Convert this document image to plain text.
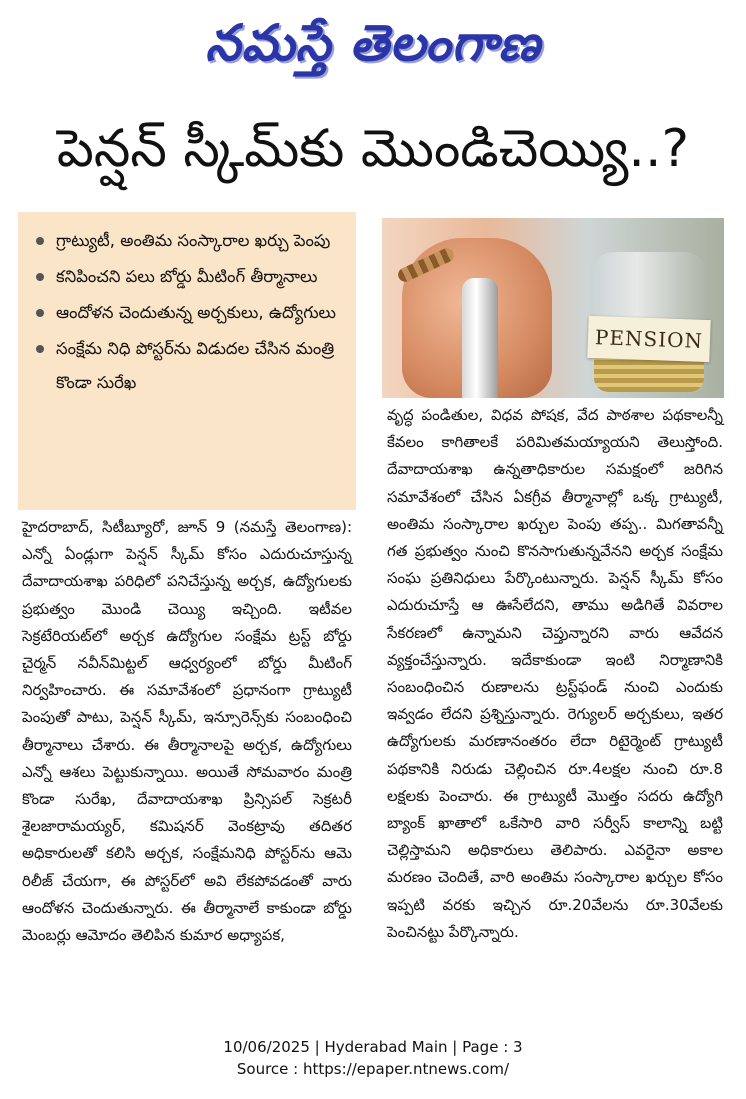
నమస్తే తెలంగాణ
పెన్షన్ స్కీమ్‌కు మొండిచెయ్యి..?
గ్రాట్యుటీ, అంతిమ సంస్కారాల ఖర్చు పెంపు
కనిపించని పలు బోర్డు మీటింగ్ తీర్మానాలు
ఆందోళన చెందుతున్న అర్చకులు, ఉద్యోగులు
సంక్షేమ నిధి పోస్టర్‌ను విడుదల చేసిన మంత్రి కొండా సురేఖ
PENSION

హైదరాబాద్, సిటీబ్యూరో, జూన్ 9 (నమస్తే తెలంగాణ): ఎన్నో ఏండ్లుగా పెన్షన్ స్కీమ్ కోసం ఎదురుచూస్తున్న దేవాదాయశాఖ పరిధిలో పనిచేస్తున్న అర్చక, ఉద్యోగులకు ప్రభుత్వం మొండి చెయ్యి ఇచ్చింది. ఇటీవల సెక్రటేరియట్‌లో అర్చక ఉద్యోగుల సంక్షేమ ట్రస్ట్ బోర్డు చైర్మన్ నవీన్‌మిట్టల్ ఆధ్వర్యంలో బోర్డు మీటింగ్ నిర్వహించారు. ఈ సమావేశంలో ప్రధానంగా గ్రాట్యుటీ పెంపుతో పాటు, పెన్షన్ స్కీమ్, ఇన్సూరెన్స్‌కు సంబంధించి తీర్మానాలు చేశారు. ఈ తీర్మానాలపై అర్చక, ఉద్యోగులు ఎన్నో ఆశలు పెట్టుకున్నాయి. అయితే సోమవారం మంత్రి కొండా సురేఖ, దేవాదాయశాఖ ప్రిన్సిపల్ సెక్రటరీ శైలజారామయ్యర్, కమిషనర్ వెంకట్రావు తదితర అధికారులతో కలిసి అర్చక, సంక్షేమనిధి పోస్టర్‌ను ఆమె రిలీజ్ చేయగా, ఈ పోస్టర్‌లో అవి లేకపోవడంతో వారు ఆందోళన చెందుతున్నారు. ఈ తీర్మానాలే కాకుండా బోర్డు మెంబర్లు ఆమోదం తెలిపిన కుమార అధ్యాపక,

వృద్ధ పండితుల, విధవ పోషక, వేద పాఠశాల పథకాలన్నీ కేవలం కాగితాలకే పరిమితమయ్యాయని తెలుస్తోంది. దేవాదాయశాఖ ఉన్నతాధికారుల సమక్షంలో జరిగిన సమావేశంలో చేసిన ఏకగ్రీవ తీర్మానాల్లో ఒక్క గ్రాట్యుటీ, అంతిమ సంస్కారాల ఖర్చుల పెంపు తప్ప.. మిగతావన్నీ గత ప్రభుత్వం నుంచి కొనసాగుతున్నవేనని అర్చక సంక్షేమ సంఘ ప్రతినిధులు పేర్కొంటున్నారు. పెన్షన్ స్కీమ్ కోసం ఎదురుచూస్తే ఆ ఊసేలేదని, తాము అడిగితే వివరాల సేకరణలో ఉన్నామని చెప్తున్నారని వారు ఆవేదన వ్యక్తంచేస్తున్నారు. ఇదేకాకుండా ఇంటి నిర్మాణానికి సంబంధించిన రుణాలను ట్రస్ట్‌ఫండ్ నుంచి ఎందుకు ఇవ్వడం లేదని ప్రశ్నిస్తున్నారు. రెగ్యులర్ అర్చకులు, ఇతర ఉద్యోగులకు మరణానంతరం లేదా రిటైర్మెంట్ గ్రాట్యుటీ పథకానికి నిరుడు చెల్లించిన రూ.4లక్షల నుంచి రూ.8 లక్షలకు పెంచారు. ఈ గ్రాట్యుటీ మొత్తం సదరు ఉద్యోగి బ్యాంక్ ఖాతాలో ఒకేసారి వారి సర్వీస్ కాలాన్ని బట్టి చెల్లిస్తామని అధికారులు తెలిపారు. ఎవరైనా అకాల మరణం చెందితే, వారి అంతిమ సంస్కారాల ఖర్చుల కోసం ఇప్పటి వరకు ఇచ్చిన రూ.20వేలను రూ.30వేలకు పెంచినట్టు పేర్కొన్నారు.

10/06/2025 | Hyderabad Main | Page : 3
Source : https://epaper.ntnews.com/
